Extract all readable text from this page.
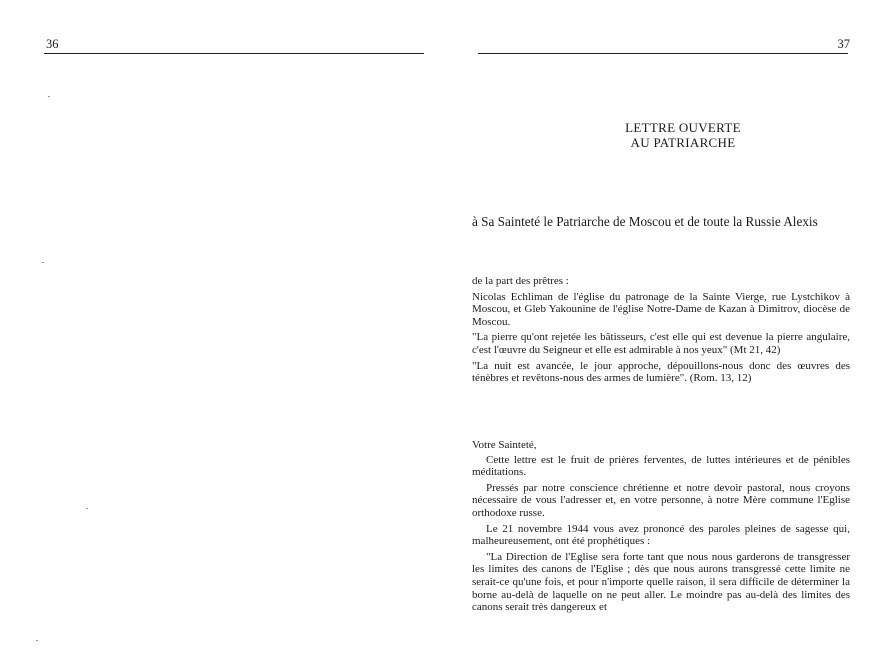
36	37
LETTRE OUVERTE
AU PATRIARCHE
à Sa Sainteté le Patriarche de Moscou et de toute la Russie Alexis
de la part des prêtres :
Nicolas Echliman de l'église du patronage de la Sainte Vierge, rue Lystchikov à Moscou, et Gleb Yakounine de l'église Notre-Dame de Kazan à Dimitrov, diocèse de Moscou.
"La pierre qu'ont rejetée les bâtisseurs, c'est elle qui est devenue la pierre angulaire, c'est l'œuvre du Seigneur et elle est admirable à nos yeux" (Mt 21, 42)
"La nuit est avancée, le jour approche, dépouillons-nous donc des œuvres des ténèbres et revêtons-nous des armes de lumière". (Rom. 13, 12)
Votre Sainteté,
Cette lettre est le fruit de prières ferventes, de luttes intérieures et de pénibles méditations.
Pressés par notre conscience chrétienne et notre devoir pastoral, nous croyons nécessaire de vous l'adresser et, en votre personne, à notre Mère commune l'Eglise orthodoxe russe.
Le 21 novembre 1944 vous avez prononcé des paroles pleines de sagesse qui, malheureusement, ont été prophétiques :
"La Direction de l'Eglise sera forte tant que nous nous garderons de transgresser les limites des canons de l'Eglise ; dès que nous aurons transgressé cette limite ne serait-ce qu'une fois, et pour n'importe quelle raison, il sera difficile de déterminer la borne au-delà de laquelle on ne peut aller. Le moindre pas au-delà des limites des canons serait très dangereux et
